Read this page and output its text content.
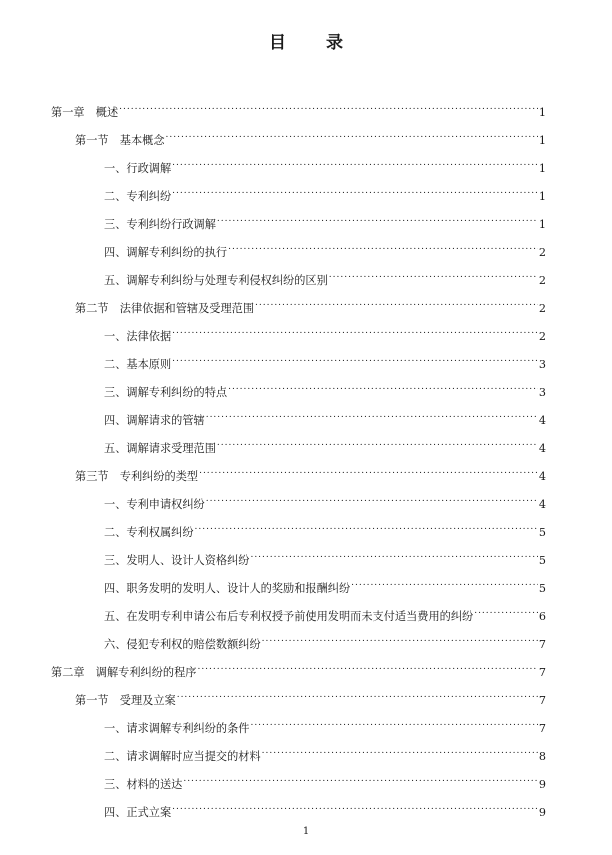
目 录
第一章　概述 .....	1
第一节　基本概念 .....	1
一、行政调解 .....	1
二、专利纠纷 .....	1
三、专利纠纷行政调解 .....	1
四、调解专利纠纷的执行 .....	2
五、调解专利纠纷与处理专利侵权纠纷的区别 .....	2
第二节　法律依据和管辖及受理范围 .....	2
一、法律依据 .....	2
二、基本原则 .....	3
三、调解专利纠纷的特点 .....	3
四、调解请求的管辖 .....	4
五、调解请求受理范围 .....	4
第三节　专利纠纷的类型 .....	4
一、专利申请权纠纷 .....	4
二、专利权属纠纷 .....	5
三、发明人、设计人资格纠纷 .....	5
四、职务发明的发明人、设计人的奖励和报酬纠纷 .....	5
五、在发明专利申请公布后专利权授予前使用发明而未支付适当费用的纠纷 .....	6
六、侵犯专利权的赔偿数额纠纷 .....	7
第二章　调解专利纠纷的程序 .....	7
第一节　受理及立案 .....	7
一、请求调解专利纠纷的条件 .....	7
二、请求调解时应当提交的材料 .....	8
三、材料的送达 .....	9
四、正式立案 .....	9
1
